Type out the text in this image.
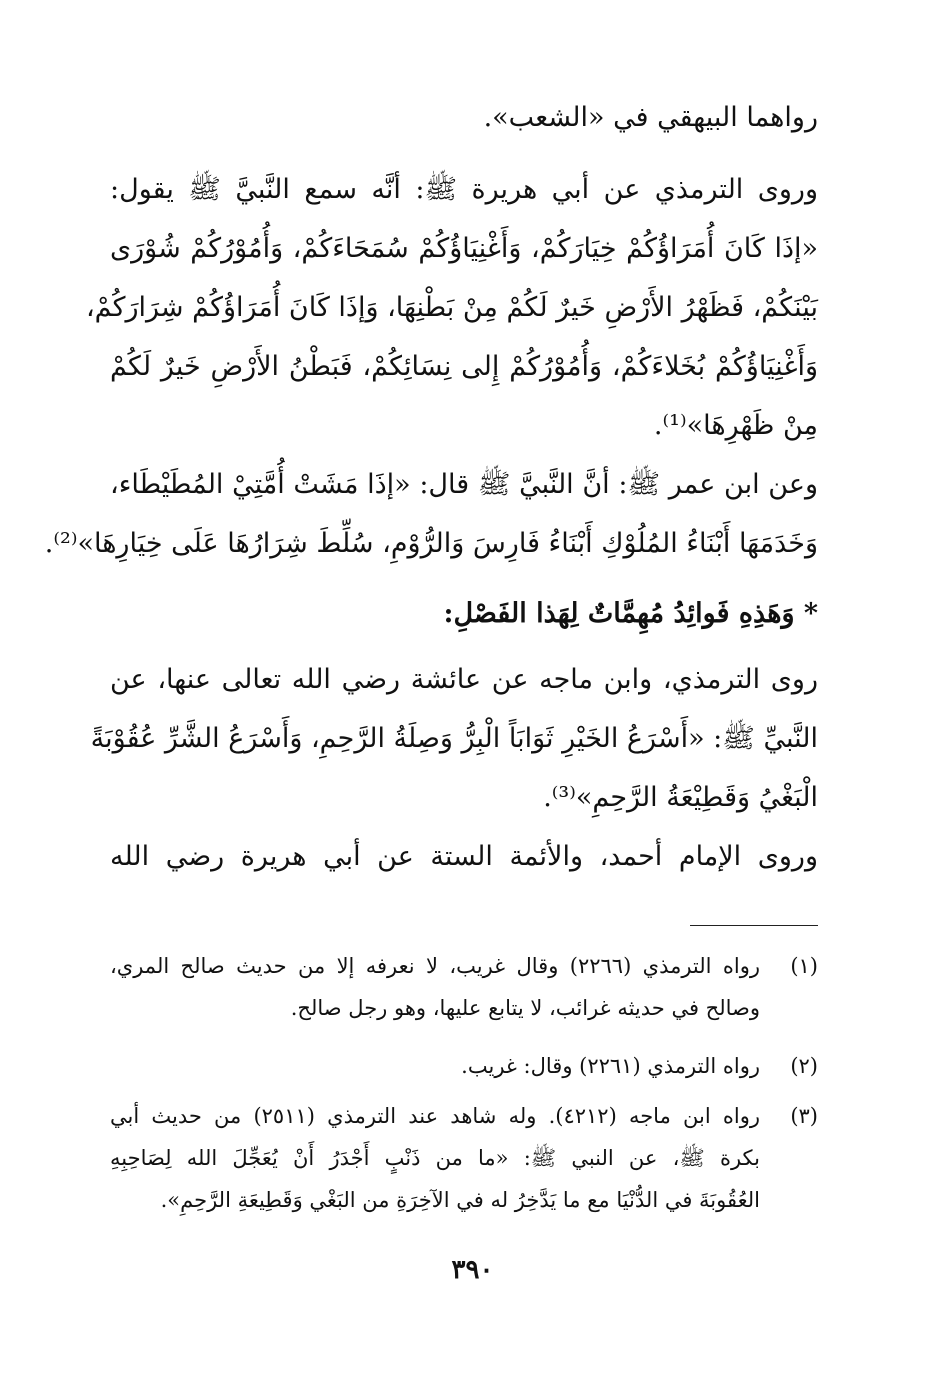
رواهما البيهقي في «الشعب».
وروى الترمذي عن أبي هريرة ﷺ: أنَّه سمع النَّبيَّ ﷺ يقول:
«إذَا كَانَ أُمَرَاؤُكُمْ خِيَارَكُمْ، وَأَغْنِيَاؤُكُمْ سُمَحَاءَكُمْ، وَأُمُوْرُكُمْ شُوْرَى
بَيْنَكُمْ، فَظَهْرُ الأَرْضِ خَيرٌ لَكُمْ مِنْ بَطْنِهَا، وَإذَا كَانَ أُمَرَاؤُكُمْ شِرَارَكُمْ،
وَأَغْنِيَاؤُكُمْ بُخَلاءَكُمْ، وَأُمُوْرُكُمْ إِلى نِسَائِكُمْ، فَبَطْنُ الأَرْضِ خَيرٌ لَكُمْ
مِنْ ظَهْرِهَا»⁽¹⁾.
وعن ابن عمر ﷺ: أنَّ النَّبيَّ ﷺ قال: «إذَا مَشَتْ أُمَّتِيْ المُطَيْطَاء،
وَخَدَمَهَا أَبْنَاءُ المُلُوْكِ أَبْنَاءُ فَارِسَ وَالرُّوْمِ، سُلِّطَ شِرَارُهَا عَلَى خِيَارِهَا»⁽²⁾.
* وَهَذِهِ فَوائِدُ مُهِمَّاتٌ لِهَذا الفَصْلِ:
روى الترمذي، وابن ماجه عن عائشة رضي الله تعالى عنها، عن
النَّبيِّ ﷺ: «أَسْرَعُ الخَيْرِ ثَوَابَاً الْبِرُّ وَصِلَةُ الرَّحِمِ، وَأَسْرَعُ الشَّرِّ عُقُوْبَةً
الْبَغْيُ وَقَطِيْعَةُ الرَّحِمِ»⁽³⁾.
وروى الإمام أحمد، والأئمة الستة عن أبي هريرة رضي الله
(١)
رواه الترمذي (٢٢٦٦) وقال غريب، لا نعرفه إلا من حديث صالح المري،
وصالح في حديثه غرائب، لا يتابع عليها، وهو رجل صالح.
(٢)
رواه الترمذي (٢٢٦١) وقال: غريب.
(٣)
رواه ابن ماجه (٤٢١٢). وله شاهد عند الترمذي (٢٥١١) من حديث أبي
بكرة ﷺ، عن النبي ﷺ: «ما من ذَنْبٍ أَجْدَرُ أَنْ يُعَجِّلَ الله لِصَاحِبِهِ
العُقُوبَةَ في الدُّنْيَا مع ما يَدَّخِرُ له في الآخِرَةِ من البَغْي وَقَطِيعَةِ الرَّحِمِ».
٣٩٠
